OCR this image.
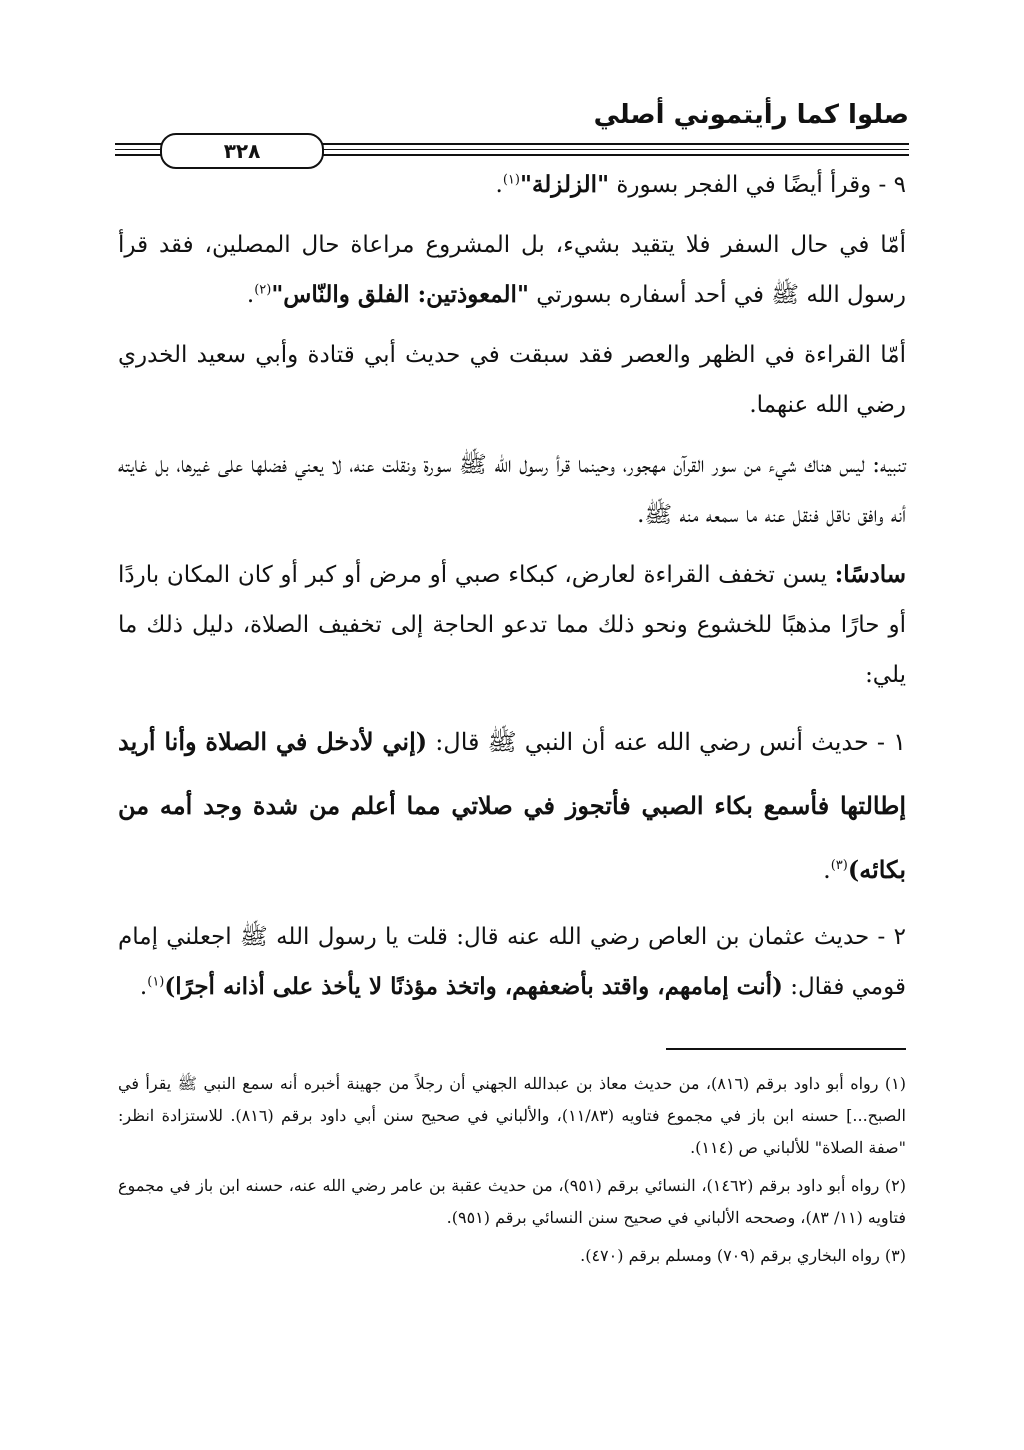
صلوا كما رأيتموني أصلي
٣٢٨

٩ - وقرأ أيضًا في الفجر بسورة "الزلزلة"$^{(١)}$.

أمّا في حال السفر فلا يتقيد بشيء، بل المشروع مراعاة حال المصلين، فقد قرأ رسول الله ﷺ في أحد أسفاره بسورتي "المعوذتين: الفلق والنّاس"$^{(٢)}$.

أمّا القراءة في الظهر والعصر فقد سبقت في حديث أبي قتادة وأبي سعيد الخدري رضي الله عنهما.

تنبيه: ليس هناك شيء من سور القرآن مهجور، وحينما قرأ رسول الله ﷺ سورة ونقلت عنه، لا يعني فضلها على غيرها، بل غايته أنه وافق ناقل فنقل عنه ما سمعه منه ﷺ.

سادسًا: يسن تخفف القراءة لعارض، كبكاء صبي أو مرض أو كبر أو كان المكان باردًا أو حارًا مذهبًا للخشوع ونحو ذلك مما تدعو الحاجة إلى تخفيف الصلاة، دليل ذلك ما يلي:

١ - حديث أنس رضي الله عنه أن النبي ﷺ قال: (إني لأدخل في الصلاة وأنا أريد إطالتها فأسمع بكاء الصبي فأتجوز في صلاتي مما أعلم من شدة وجد أمه من بكائه)$^{(٣)}$.

٢ - حديث عثمان بن العاص رضي الله عنه قال: قلت يا رسول الله ﷺ اجعلني إمام قومي فقال: (أنت إمامهم، واقتد بأضعفهم، واتخذ مؤذنًا لا يأخذ على أذانه أجرًا)$^{(١)}$.

(١) رواه أبو داود برقم (٨١٦)، من حديث معاذ بن عبدالله الجهني أن رجلاً من جهينة أخبره أنه سمع النبي ﷺ يقرأ في الصبح...] حسنه ابن باز في مجموع فتاويه (١١/٨٣)، والألباني في صحيح سنن أبي داود برقم (٨١٦). للاستزادة انظر: "صفة الصلاة" للألباني ص (١١٤).

(٢) رواه أبو داود برقم (١٤٦٢)، النسائي برقم (٩٥١)، من حديث عقبة بن عامر رضي الله عنه، حسنه ابن باز في مجموع فتاويه (١١/ ٨٣)، وصححه الألباني في صحيح سنن النسائي برقم (٩٥١).

(٣) رواه البخاري برقم (٧٠٩) ومسلم برقم (٤٧٠).
